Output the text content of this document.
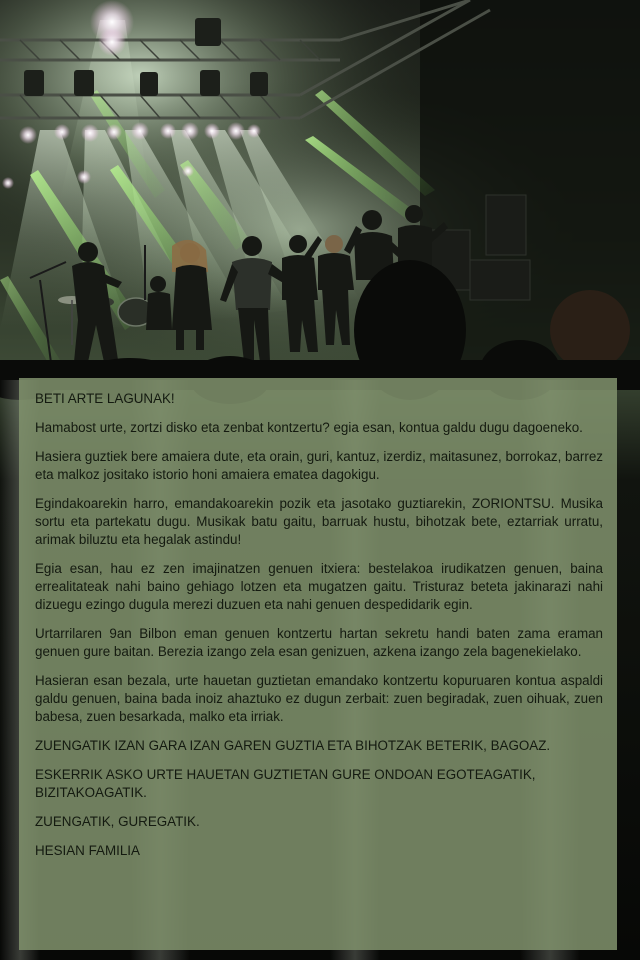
BETI ARTE LAGUNAK!

Hamabost urte, zortzi disko eta zenbat kontzertu? egia esan, kontua galdu dugu dagoeneko.

Hasiera guztiek bere amaiera dute, eta orain, guri, kantuz, izerdiz, maitasunez, borrokaz, barrez eta malkoz jositako istorio honi amaiera ematea dagokigu.

Egindakoarekin harro, emandakoarekin pozik eta jasotako guztiarekin, ZORIONTSU. Musika sortu eta partekatu dugu. Musikak batu gaitu, barruak hustu, bihotzak bete, eztarriak urratu, arimak biluztu eta hegalak astindu!

Egia esan, hau ez zen imajinatzen genuen itxiera: bestelakoa irudikatzen genuen, baina errealitateak nahi baino gehiago lotzen eta mugatzen gaitu. Tristuraz beteta jakinarazi nahi dizuegu ezingo dugula merezi duzuen eta nahi genuen despedidarik egin.

Urtarrilaren 9an Bilbon eman genuen kontzertu hartan sekretu handi baten zama eraman genuen gure baitan. Berezia izango zela esan genizuen, azkena izango zela bagenekielako.

Hasieran esan bezala, urte hauetan guztietan emandako kontzertu kopuruaren kontua aspaldi galdu genuen, baina bada inoiz ahaztuko ez dugun zerbait: zuen begiradak, zuen oihuak, zuen babesa, zuen besarkada, malko eta irriak.

ZUENGATIK IZAN GARA IZAN GAREN GUZTIA ETA BIHOTZAK BETERIK, BAGOAZ.

ESKERRIK ASKO URTE HAUETAN GUZTIETAN GURE ONDOAN EGOTEAGATIK, BIZITAKOAGATIK.

ZUENGATIK, GUREGATIK.

HESIAN FAMILIA
